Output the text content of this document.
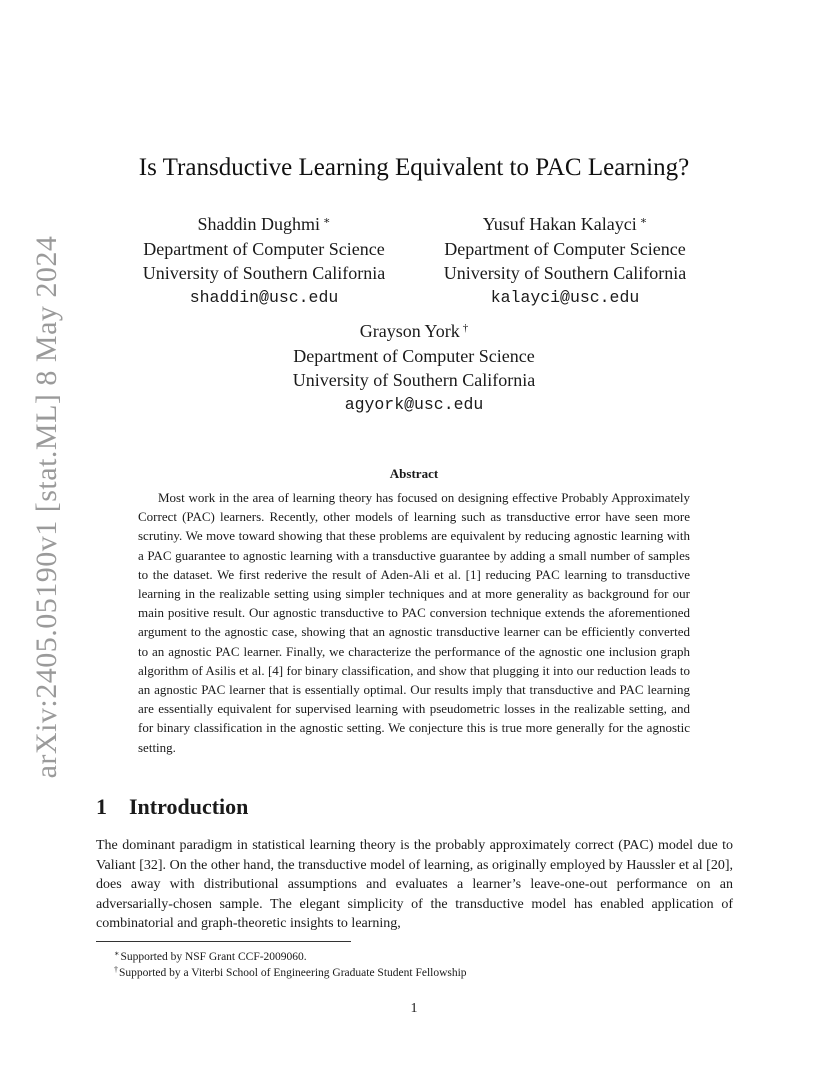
arXiv:2405.05190v1 [stat.ML] 8 May 2024
Is Transductive Learning Equivalent to PAC Learning?
Shaddin Dughmi ∗
Department of Computer Science
University of Southern California
shaddin@usc.edu
Yusuf Hakan Kalayci ∗
Department of Computer Science
University of Southern California
kalayci@usc.edu
Grayson York †
Department of Computer Science
University of Southern California
agyork@usc.edu
Abstract

Most work in the area of learning theory has focused on designing effective Probably Approximately Correct (PAC) learners. Recently, other models of learning such as transductive error have seen more scrutiny. We move toward showing that these problems are equivalent by reducing agnostic learning with a PAC guarantee to agnostic learning with a transductive guarantee by adding a small number of samples to the dataset. We first rederive the result of Aden-Ali et al. [1] reducing PAC learning to transductive learning in the realizable setting using simpler techniques and at more generality as background for our main positive result. Our agnostic transductive to PAC conversion technique extends the aforementioned argument to the agnostic case, showing that an agnostic transductive learner can be efficiently converted to an agnostic PAC learner. Finally, we characterize the performance of the agnostic one inclusion graph algorithm of Asilis et al. [4] for binary classification, and show that plugging it into our reduction leads to an agnostic PAC learner that is essentially optimal. Our results imply that transductive and PAC learning are essentially equivalent for supervised learning with pseudometric losses in the realizable setting, and for binary classification in the agnostic setting. We conjecture this is true more generally for the agnostic setting.

1 Introduction

The dominant paradigm in statistical learning theory is the probably approximately correct (PAC) model due to Valiant [32]. On the other hand, the transductive model of learning, as originally employed by Haussler et al [20], does away with distributional assumptions and evaluates a learner’s leave-one-out performance on an adversarially-chosen sample. The elegant simplicity of the transductive model has enabled application of combinatorial and graph-theoretic insights to learning,

∗Supported by NSF Grant CCF-2009060.
†Supported by a Viterbi School of Engineering Graduate Student Fellowship
1
